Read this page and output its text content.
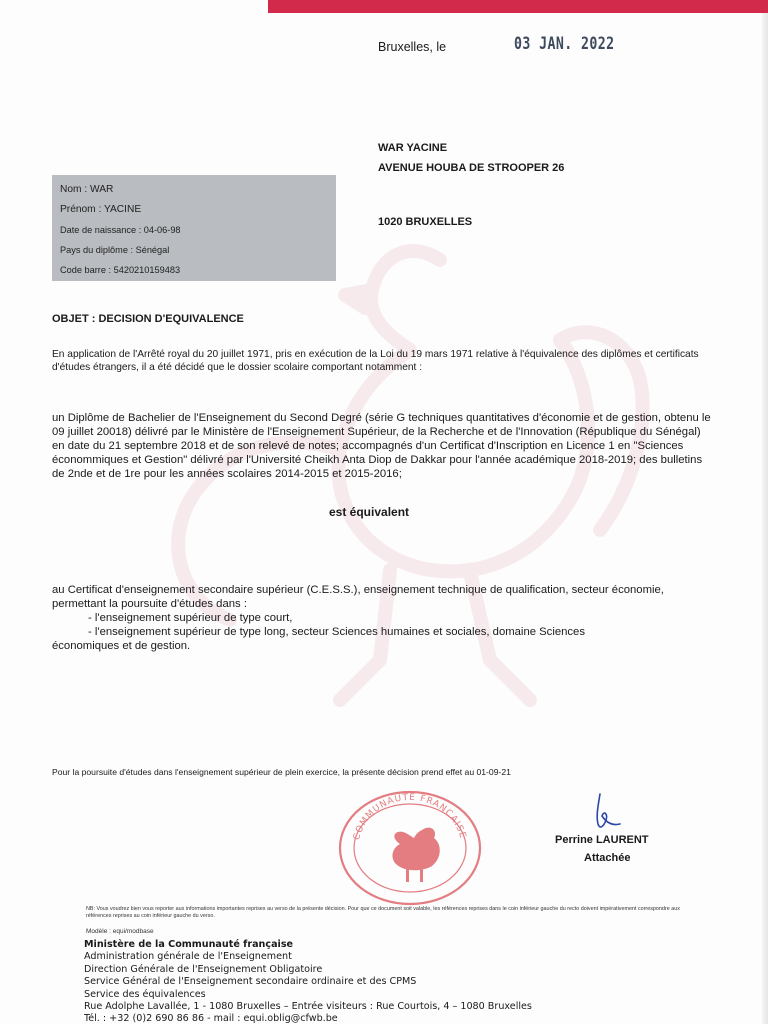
Bruxelles, le	03 JAN. 2022
WAR YACINE
AVENUE HOUBA DE STROOPER 26
1020 BRUXELLES
Nom : WAR
Prénom : YACINE
Date de naissance : 04-06-98
Pays du diplôme : Sénégal
Code barre : 5420210159483
OBJET : DECISION D'EQUIVALENCE
En application de l'Arrêté royal du 20 juillet 1971, pris en exécution de la Loi du 19 mars 1971 relative à l'équivalence des diplômes et certificats d'études étrangers, il a été décidé que le dossier scolaire comportant notamment :
un Diplôme de Bachelier de l'Enseignement du Second Degré (série G techniques quantitatives d'économie et de gestion, obtenu le 09 juillet 20018) délivré par le Ministère de l'Enseignement Supérieur, de la Recherche et de l'Innovation (République du Sénégal) en date du 21 septembre 2018 et de son relevé de notes; accompagnés d'un Certificat d'Inscription en Licence 1 en "Sciences économmiques et Gestion" délivré par l'Université Cheikh Anta Diop de Dakkar pour l'année académique 2018-2019; des bulletins de 2nde et de 1re pour les années scolaires 2014-2015 et 2015-2016;
est équivalent
au Certificat d'enseignement secondaire supérieur (C.E.S.S.), enseignement technique de qualification, secteur économie, permettant la poursuite d'études dans :
- l'enseignement supérieur de type court,
- l'enseignement supérieur de type long, secteur Sciences humaines et sociales, domaine Sciences
économiques et de gestion.
Pour la poursuite d'études dans l'enseignement supérieur de plein exercice, la présente décision prend effet au 01-09-21
COMMUNAUTE FRANCAISE	Perrine LAURENT
Attachée
NB: Vous voudrez bien vous reporter aux informations importantes reprises au verso de la présente décision. Pour que ce document soit valable, les références reprises dans le coin inférieur gauche du recto doivent impérativement correspondre aux références reprises au coin inférieur gauche du verso.
Modèle : equi/modbase
Ministère de la Communauté française
Administration générale de l'Enseignement
Direction Générale de l'Enseignement Obligatoire
Service Général de l'Enseignement secondaire ordinaire et des CPMS
Service des équivalences
Rue Adolphe Lavallée, 1 - 1080 Bruxelles – Entrée visiteurs : Rue Courtois, 4 – 1080 Bruxelles
Tél. : +32 (0)2 690 86 86 - mail : equi.oblig@cfwb.be
